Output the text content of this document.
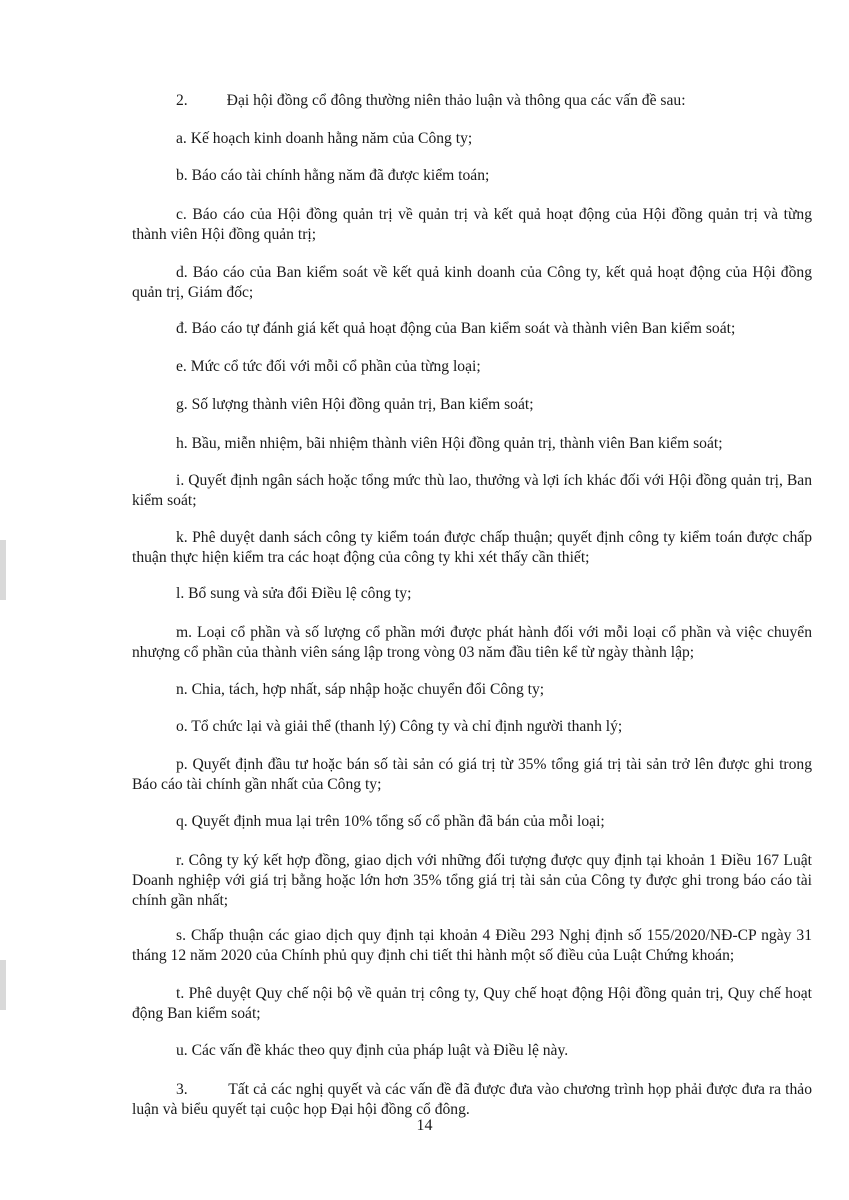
2.          Đại hội đồng cổ đông thường niên thảo luận và thông qua các vấn đề sau:

a. Kế hoạch kinh doanh hằng năm của Công ty;

b. Báo cáo tài chính hằng năm đã được kiểm toán;

c. Báo cáo của Hội đồng quản trị về quản trị và kết quả hoạt động của Hội đồng quản trị và từng thành viên Hội đồng quản trị;

d. Báo cáo của Ban kiểm soát về kết quả kinh doanh của Công ty, kết quả hoạt động của Hội đồng quản trị, Giám đốc;

đ. Báo cáo tự đánh giá kết quả hoạt động của Ban kiểm soát và thành viên Ban kiểm soát;

e. Mức cổ tức đối với mỗi cổ phần của từng loại;

g. Số lượng thành viên Hội đồng quản trị, Ban kiểm soát;

h. Bầu, miễn nhiệm, bãi nhiệm thành viên Hội đồng quản trị, thành viên Ban kiểm soát;

i. Quyết định ngân sách hoặc tổng mức thù lao, thưởng và lợi ích khác đối với Hội đồng quản trị, Ban kiểm soát;

k. Phê duyệt danh sách công ty kiểm toán được chấp thuận; quyết định công ty kiểm toán được chấp thuận thực hiện kiểm tra các hoạt động của công ty khi xét thấy cần thiết;

l. Bổ sung và sửa đổi Điều lệ công ty;

m. Loại cổ phần và số lượng cổ phần mới được phát hành đối với mỗi loại cổ phần và việc chuyển nhượng cổ phần của thành viên sáng lập trong vòng 03 năm đầu tiên kể từ ngày thành lập;

n. Chia, tách, hợp nhất, sáp nhập hoặc chuyển đổi Công ty;

o. Tổ chức lại và giải thể (thanh lý) Công ty và chỉ định người thanh lý;

p. Quyết định đầu tư hoặc bán số tài sản có giá trị từ 35% tổng giá trị tài sản trở lên được ghi trong Báo cáo tài chính gần nhất của Công ty;

q. Quyết định mua lại trên 10% tổng số cổ phần đã bán của mỗi loại;

r. Công ty ký kết hợp đồng, giao dịch với những đối tượng được quy định tại khoản 1 Điều 167 Luật Doanh nghiệp với giá trị bằng hoặc lớn hơn 35% tổng giá trị tài sản của Công ty được ghi trong báo cáo tài chính gần nhất;

s. Chấp thuận các giao dịch quy định tại khoản 4 Điều 293 Nghị định số 155/2020/NĐ-CP ngày 31 tháng 12 năm 2020 của Chính phủ quy định chi tiết thi hành một số điều của Luật Chứng khoán;

t. Phê duyệt Quy chế nội bộ về quản trị công ty, Quy chế hoạt động Hội đồng quản trị, Quy chế hoạt động Ban kiểm soát;

u. Các vấn đề khác theo quy định của pháp luật và Điều lệ này.

3.          Tất cả các nghị quyết và các vấn đề đã được đưa vào chương trình họp phải được đưa ra thảo luận và biểu quyết tại cuộc họp Đại hội đồng cổ đông.

14
